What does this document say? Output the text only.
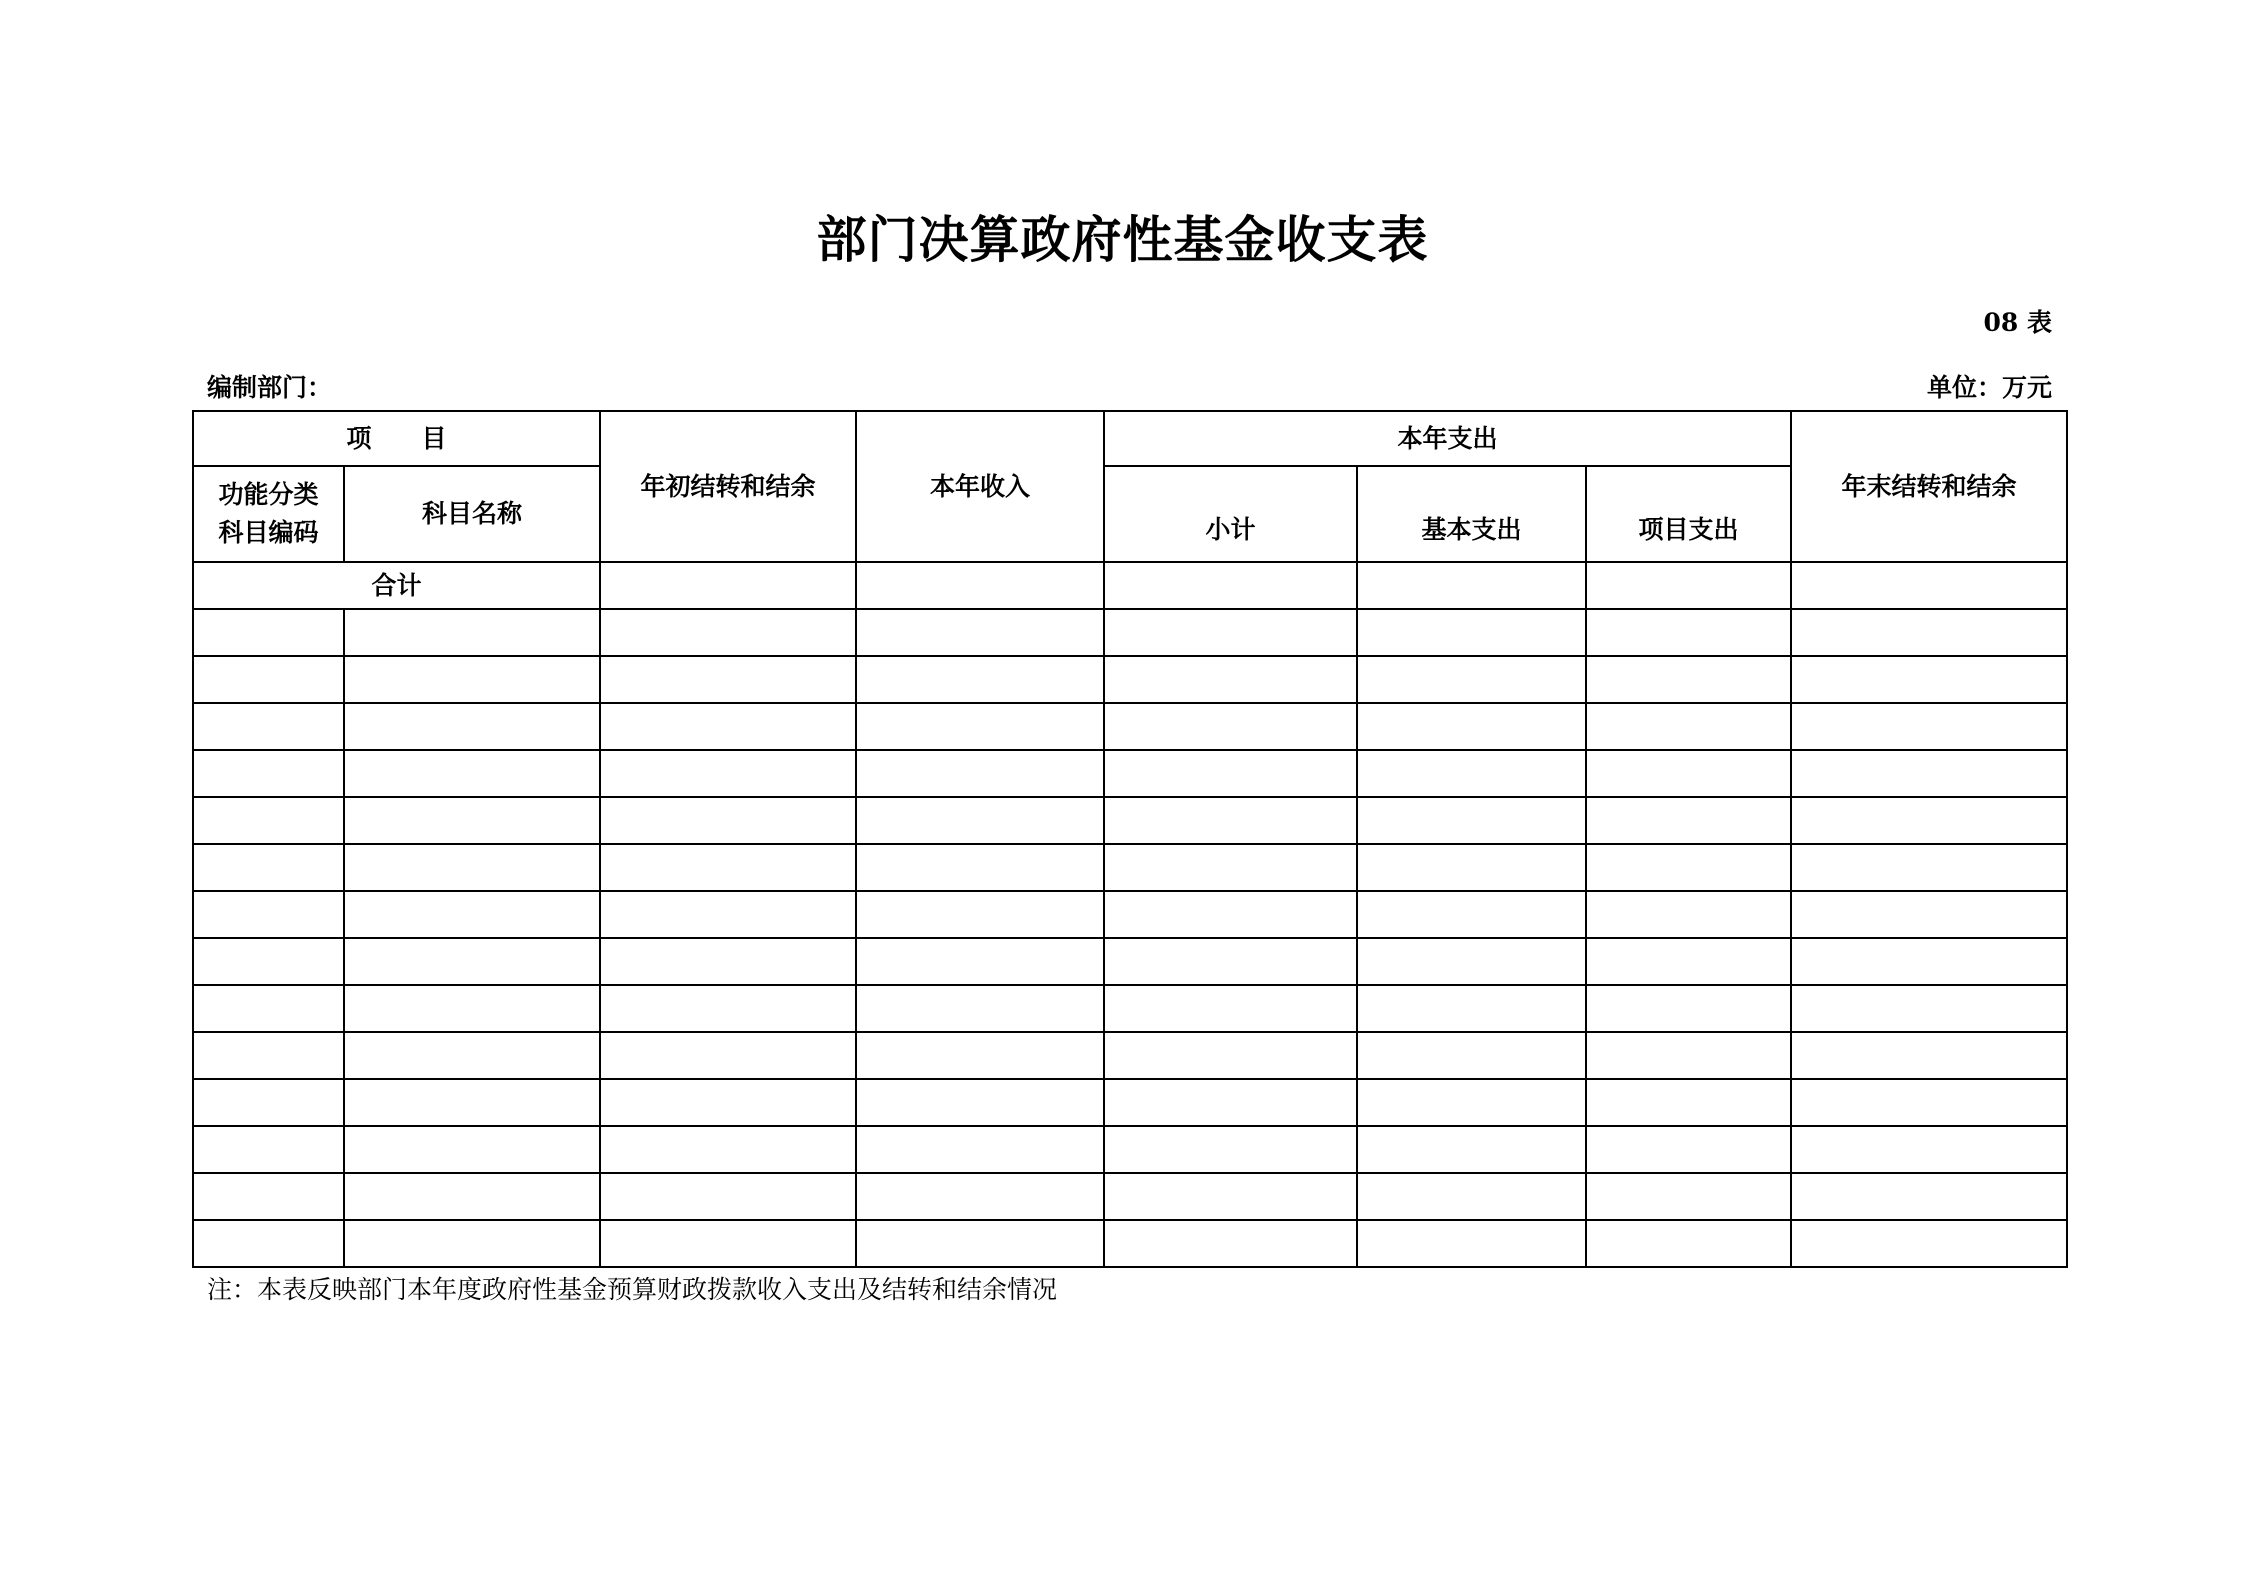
部门决算政府性基金收支表
08 表
编制部门：	单位：万元
项　　目		年初结转和结余	本年收入	本年支出			年末结转和结余
功能分类
科目编码	科目名称			小计	基本支出	项目支出	
合计							

注：本表反映部门本年度政府性基金预算财政拨款收入支出及结转和结余情况
